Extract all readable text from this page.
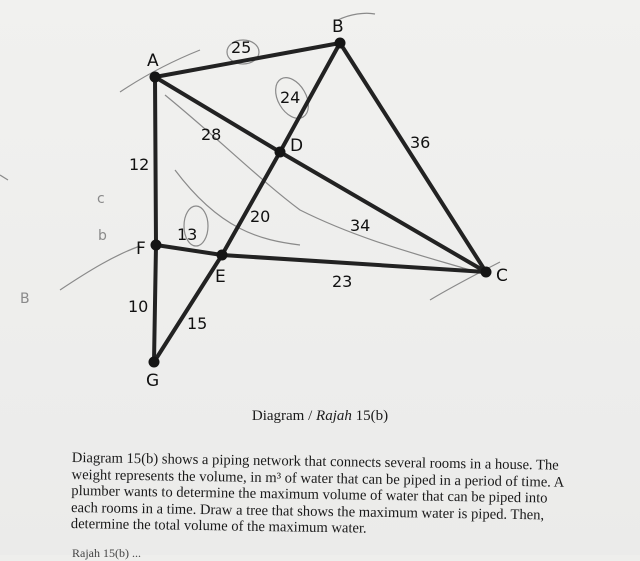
25
24
28	36
12
20	34
13
23
10
15
A
B
C
D
E
F
G
b
c
B
Diagram / Rajah 15(b)

Diagram 15(b) shows a piping network that connects several rooms in a house. The weight represents the volume, in m³ of water that can be piped in a period of time. A plumber wants to determine the maximum volume of water that can be piped into each rooms in a time. Draw a tree that shows the maximum water is piped. Then, determine the total volume of the maximum water.

Rajah 15(b) ...
